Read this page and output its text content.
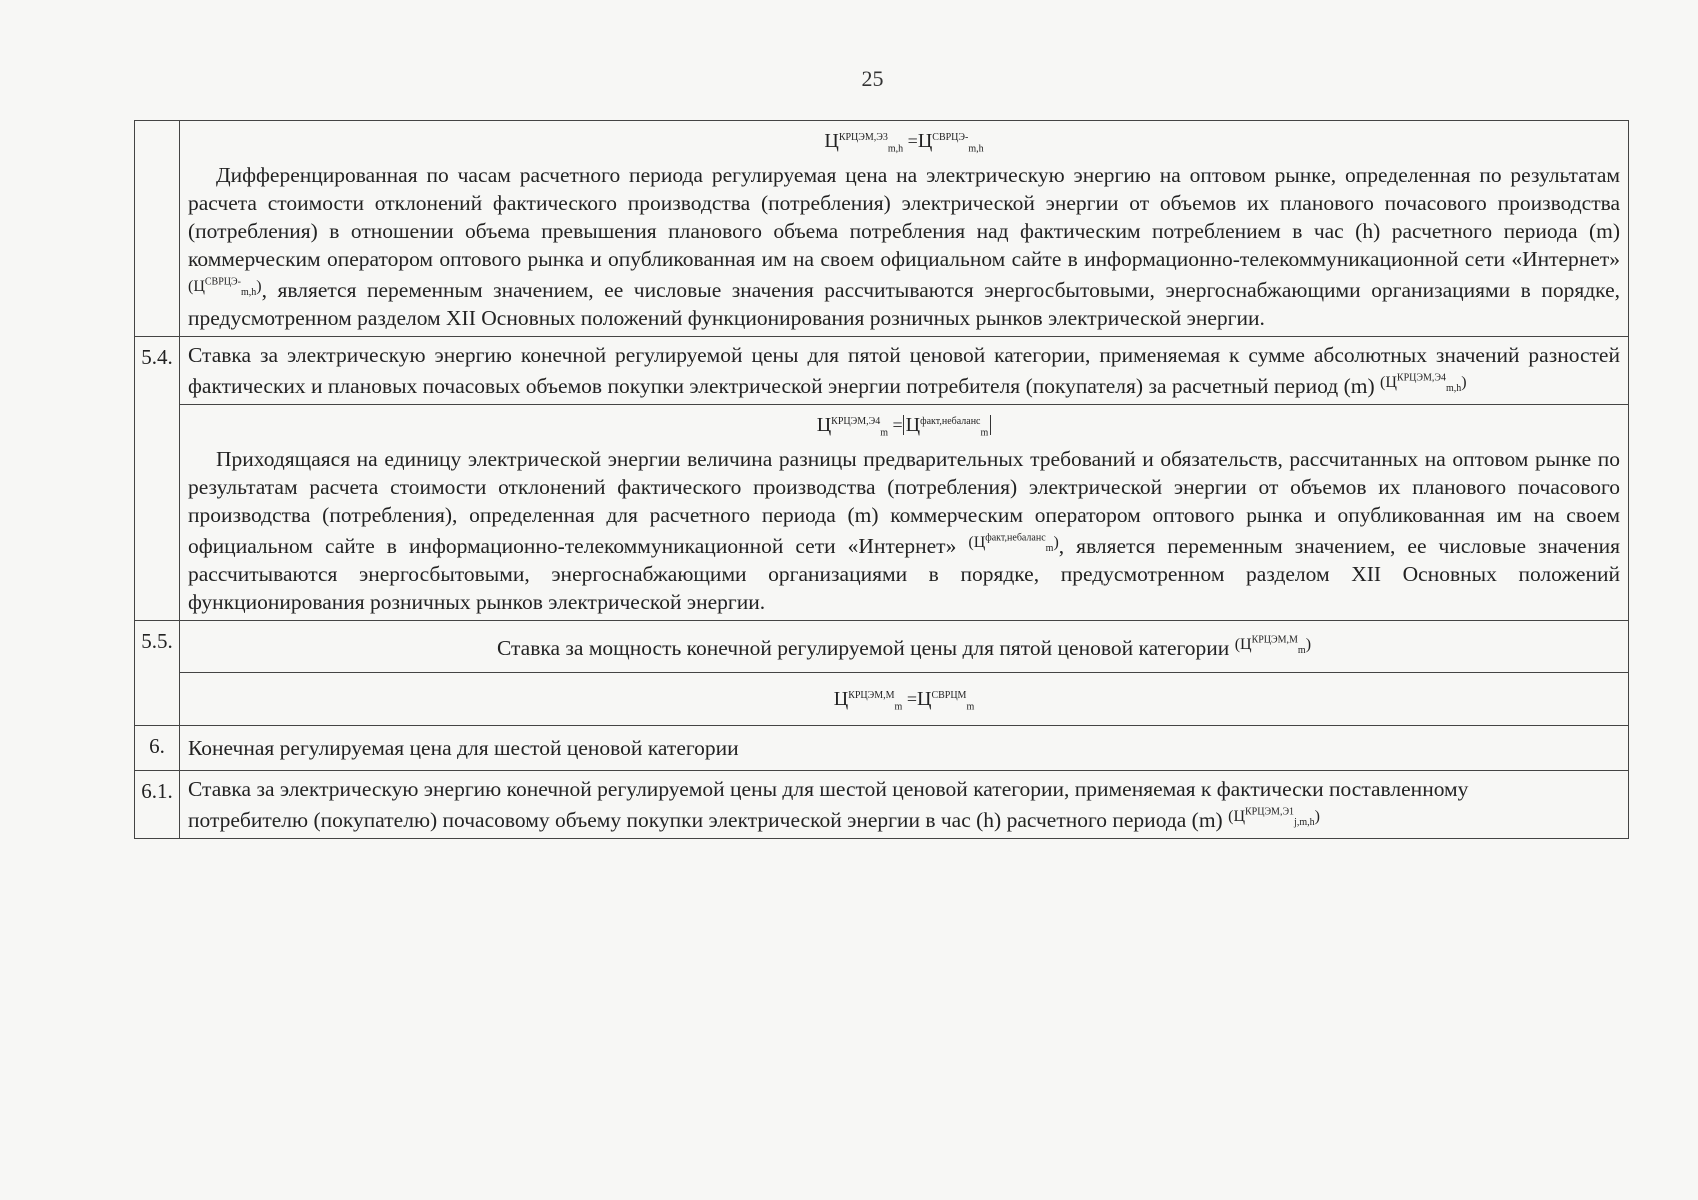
25

	$Ц^{КРЦЭМ,Э3}_{m,h} =Ц^{СВРЦЭ-}_{m,h}$

Дифференцированная по часам расчетного периода регулируемая цена на электрическую энергию на оптовом рынке, определенная по результатам расчета стоимости отклонений фактического производства (потребления) электрической энергии от объемов их планового почасового производства (потребления) в отношении объема превышения планового объема потребления над фактическим потреблением в час (h) расчетного периода (m) коммерческим оператором оптового рынка и опубликованная им на своем официальном сайте в информационно-телекоммуникационной сети «Интернет» $^{(Ц^{СВРЦЭ-}_{m,h})}$, является переменным значением, ее числовые значения рассчитываются энергосбытовыми, энергоснабжающими организациями в порядке, предусмотренном разделом XII Основных положений функционирования розничных рынков электрической энергии.

5.4.	Ставка за электрическую энергию конечной регулируемой цены для пятой ценовой категории, применяемая к сумме абсолютных значений разностей фактических и плановых почасовых объемов покупки электрической энергии потребителя (покупателя) за расчетный период (m) $^{(Ц^{КРЦЭМ,Э4}_{m,h})}$

	$Ц^{КРЦЭМ,Э4}_m = Ц^{факт,небаланс}_m$

Приходящаяся на единицу электрической энергии величина разницы предварительных требований и обязательств, рассчитанных на оптовом рынке по результатам расчета стоимости отклонений фактического производства (потребления) электрической энергии от объемов их планового почасового производства (потребления), определенная для расчетного периода (m) коммерческим оператором оптового рынка и опубликованная им на своем официальном сайте в информационно-телекоммуникационной сети «Интернет» $^{(Ц^{факт,небаланс}_m)}$, является переменным значением, ее числовые значения рассчитываются энергосбытовыми, энергоснабжающими организациями в порядке, предусмотренном разделом XII Основных положений функционирования розничных рынков электрической энергии.

5.5.	Ставка за мощность конечной регулируемой цены для пятой ценовой категории $^{(Ц^{КРЦЭМ,М}_m)}$

	$Ц^{КРЦЭМ,М}_m =Ц^{СВРЦМ}_m$

6.	Конечная регулируемая цена для шестой ценовой категории
6.1.	Ставка за электрическую энергию конечной регулируемой цены для шестой ценовой категории, применяемая к фактически поставленному потребителю (покупателю) почасовому объему покупки электрической энергии в час (h) расчетного периода (m) $^{(Ц^{КРЦЭМ,Э1}_{j,m,h})}$
